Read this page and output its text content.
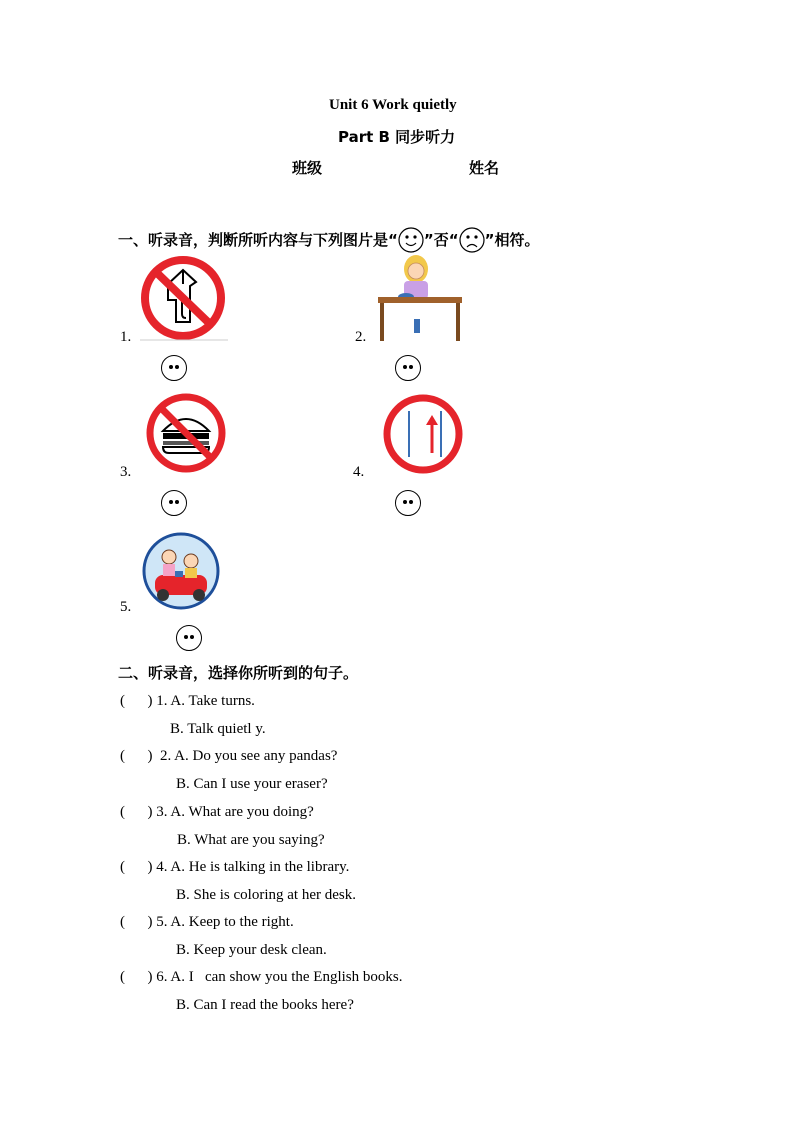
Unit 6 Work quietly
Part B 同步听力
班级	姓名
一、听录音，判断所听内容与下列图片是“ ”否“ ”相符。
1.	2.
3.	4.
5.
二、听录音，选择你所听到的句子。
(      ) 1. A. Take turns.
B. Talk quietl y.
(      )  2. A. Do you see any pandas?
B. Can I use your eraser?
(      ) 3. A. What are you doing?
B. What are you saying?
(      ) 4. A. He is talking in the library.
B. She is coloring at her desk.
(      ) 5. A. Keep to the right.
B. Keep your desk clean.
(      ) 6. A. I   can show you the English books.
B. Can I read the books here?
